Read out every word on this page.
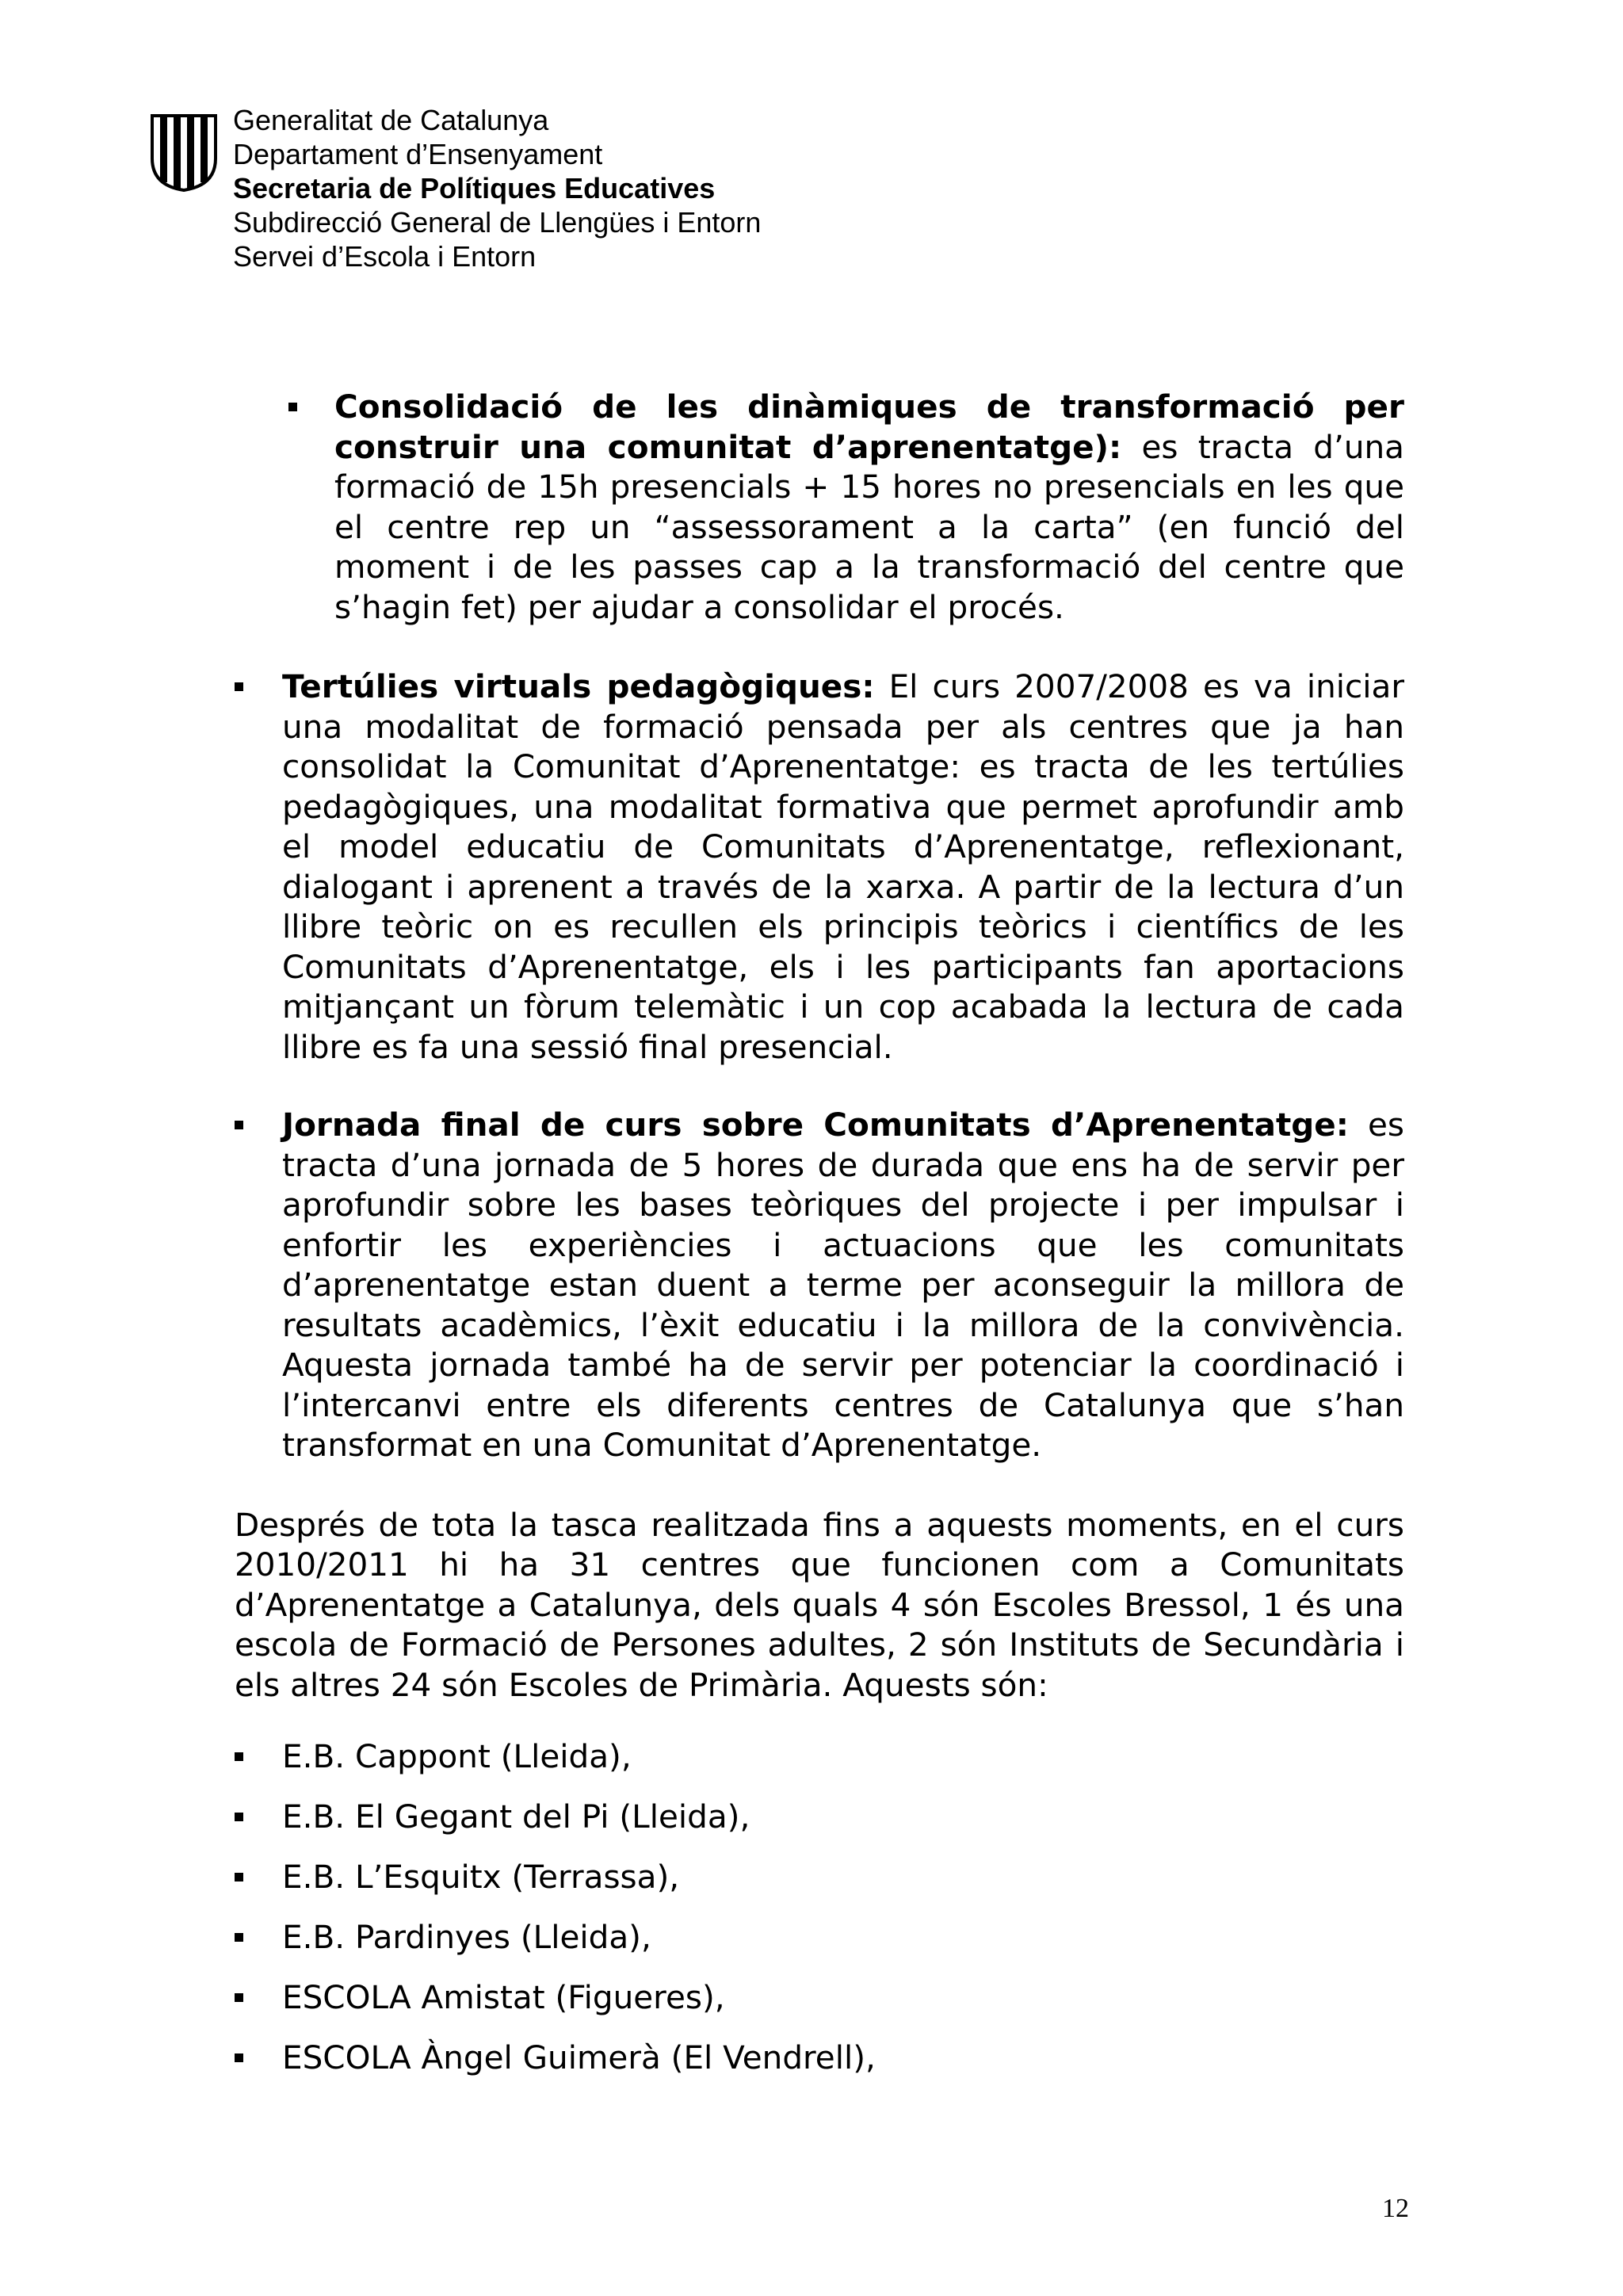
Generalitat de Catalunya
Departament d’Ensenyament
Secretaria de Polítiques Educatives
Subdirecció General de Llengües i Entorn
Servei d’Escola i Entorn
Consolidació de les dinàmiques de transformació per construir una comunitat d’aprenentatge): es tracta d’una formació de 15h presencials + 15 hores no presencials en les que el centre rep un “assessorament a la carta” (en funció del moment i de les passes cap a la transformació del centre que s’hagin fet) per ajudar a consolidar el procés.
Tertúlies virtuals pedagògiques: El curs 2007/2008 es va iniciar una modalitat de formació pensada per als centres que ja han consolidat la Comunitat d’Aprenentatge: es tracta de les tertúlies pedagògiques, una modalitat formativa que permet aprofundir amb el model educatiu de Comunitats d’Aprenentatge, reflexionant, dialogant i aprenent a través de la xarxa. A partir de la lectura d’un llibre teòric on es recullen els principis teòrics i científics de les Comunitats d’Aprenentatge, els i les participants fan aportacions mitjançant un fòrum telemàtic i un cop acabada la lectura de cada llibre es fa una sessió final presencial.
Jornada final de curs sobre Comunitats d’Aprenentatge: es tracta d’una jornada de 5 hores de durada que ens ha de servir per aprofundir sobre les bases teòriques del projecte i per impulsar i enfortir les experiències i actuacions que les comunitats d’aprenentatge estan duent a terme per aconseguir la millora de resultats acadèmics, l’èxit educatiu i la millora de la convivència. Aquesta jornada també ha de servir per potenciar la coordinació i l’intercanvi entre els diferents centres de Catalunya que s’han transformat en una Comunitat d’Aprenentatge.
Després de tota la tasca realitzada fins a aquests moments, en el curs 2010/2011 hi ha 31 centres que funcionen com a Comunitats d’Aprenentatge a Catalunya, dels quals 4 són Escoles Bressol, 1 és una escola de Formació de Persones adultes, 2 són Instituts de Secundària i els altres 24 són Escoles de Primària. Aquests són:
E.B. Cappont (Lleida),
E.B. El Gegant del Pi (Lleida),
E.B. L’Esquitx (Terrassa),
E.B. Pardinyes (Lleida),
ESCOLA Amistat (Figueres),
ESCOLA Àngel Guimerà (El Vendrell),
12
